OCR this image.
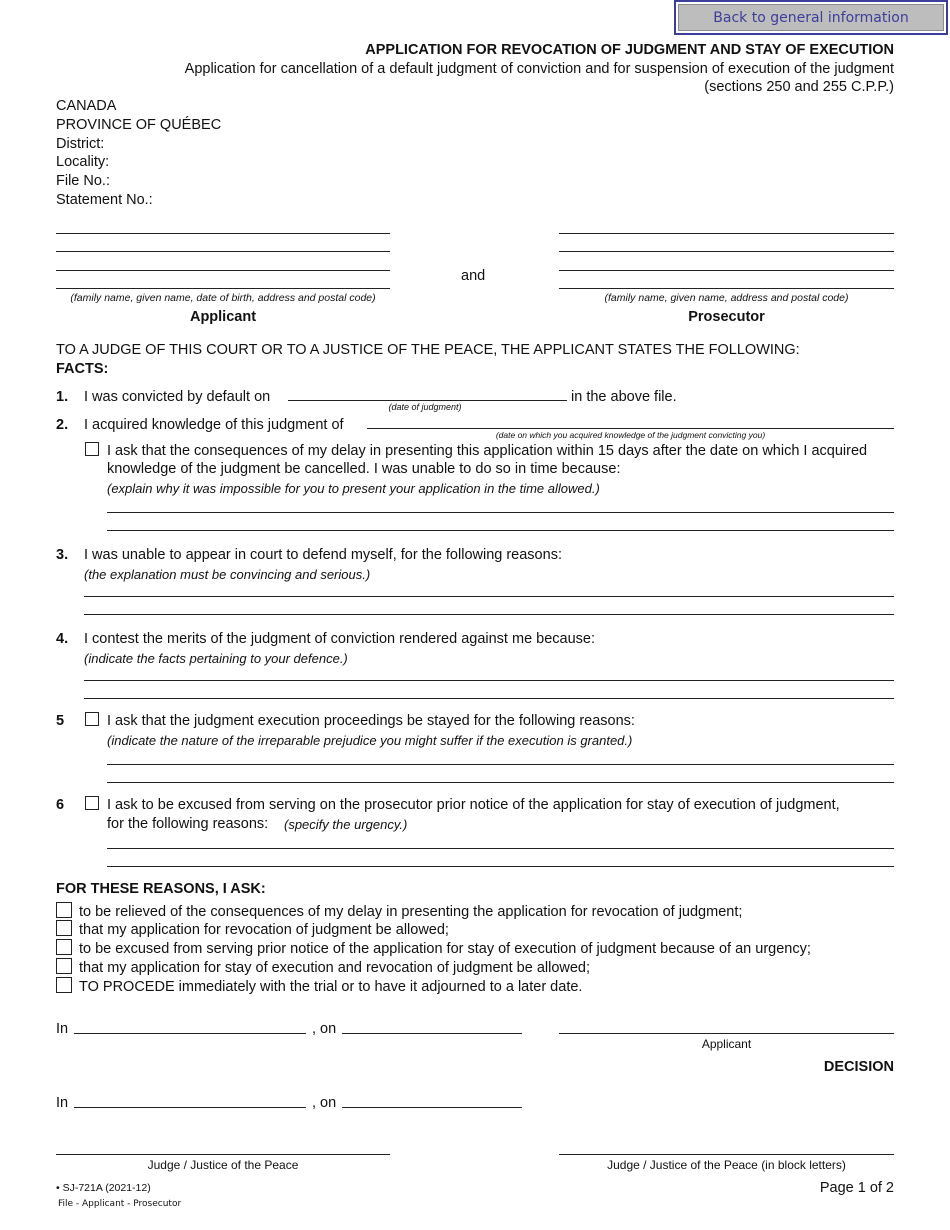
Back to general information
APPLICATION FOR REVOCATION OF JUDGMENT AND STAY OF EXECUTION
Application for cancellation of a default judgment of conviction and for suspension of execution of the judgment
(sections 250 and 255 C.P.P.)
CANADA
PROVINCE OF QUÉBEC
District:
Locality:
File No.:
Statement No.:
and
(family name, given name, date of birth, address and postal code)
Applicant
(family name, given name, address and postal code)
Prosecutor
TO A JUDGE OF THIS COURT OR TO A JUSTICE OF THE PEACE, THE APPLICANT STATES THE FOLLOWING:
FACTS:
1. I was convicted by default on
(date of judgment)
in the above file.
2. I acquired knowledge of this judgment of
(date on which you acquired knowledge of the judgment convicting you)
I ask that the consequences of my delay in presenting this application within 15 days after the date on which I acquired
knowledge of the judgment be cancelled. I was unable to do so in time because:
(explain why it was impossible for you to present your application in the time allowed.)
3. I was unable to appear in court to defend myself, for the following reasons:
(the explanation must be convincing and serious.)
4. I contest the merits of the judgment of conviction rendered against me because:
(indicate the facts pertaining to your defence.)
5	I ask that the judgment execution proceedings be stayed for the following reasons:
(indicate the nature of the irreparable prejudice you might suffer if the execution is granted.)
6	I ask to be excused from serving on the prosecutor prior notice of the application for stay of execution of judgment,
for the following reasons: (specify the urgency.)
FOR THESE REASONS, I ASK:
to be relieved of the consequences of my delay in presenting the application for revocation of judgment;
that my application for revocation of judgment be allowed;
to be excused from serving prior notice of the application for stay of execution of judgment because of an urgency;
that my application for stay of execution and revocation of judgment be allowed;
TO PROCEDE immediately with the trial or to have it adjourned to a later date.
In	, on
Applicant
DECISION
In	, on
Judge / Justice of the Peace	Judge / Justice of the Peace (in block letters)
• SJ-721A (2021-12)
File - Applicant - Prosecutor
Page 1 of 2
